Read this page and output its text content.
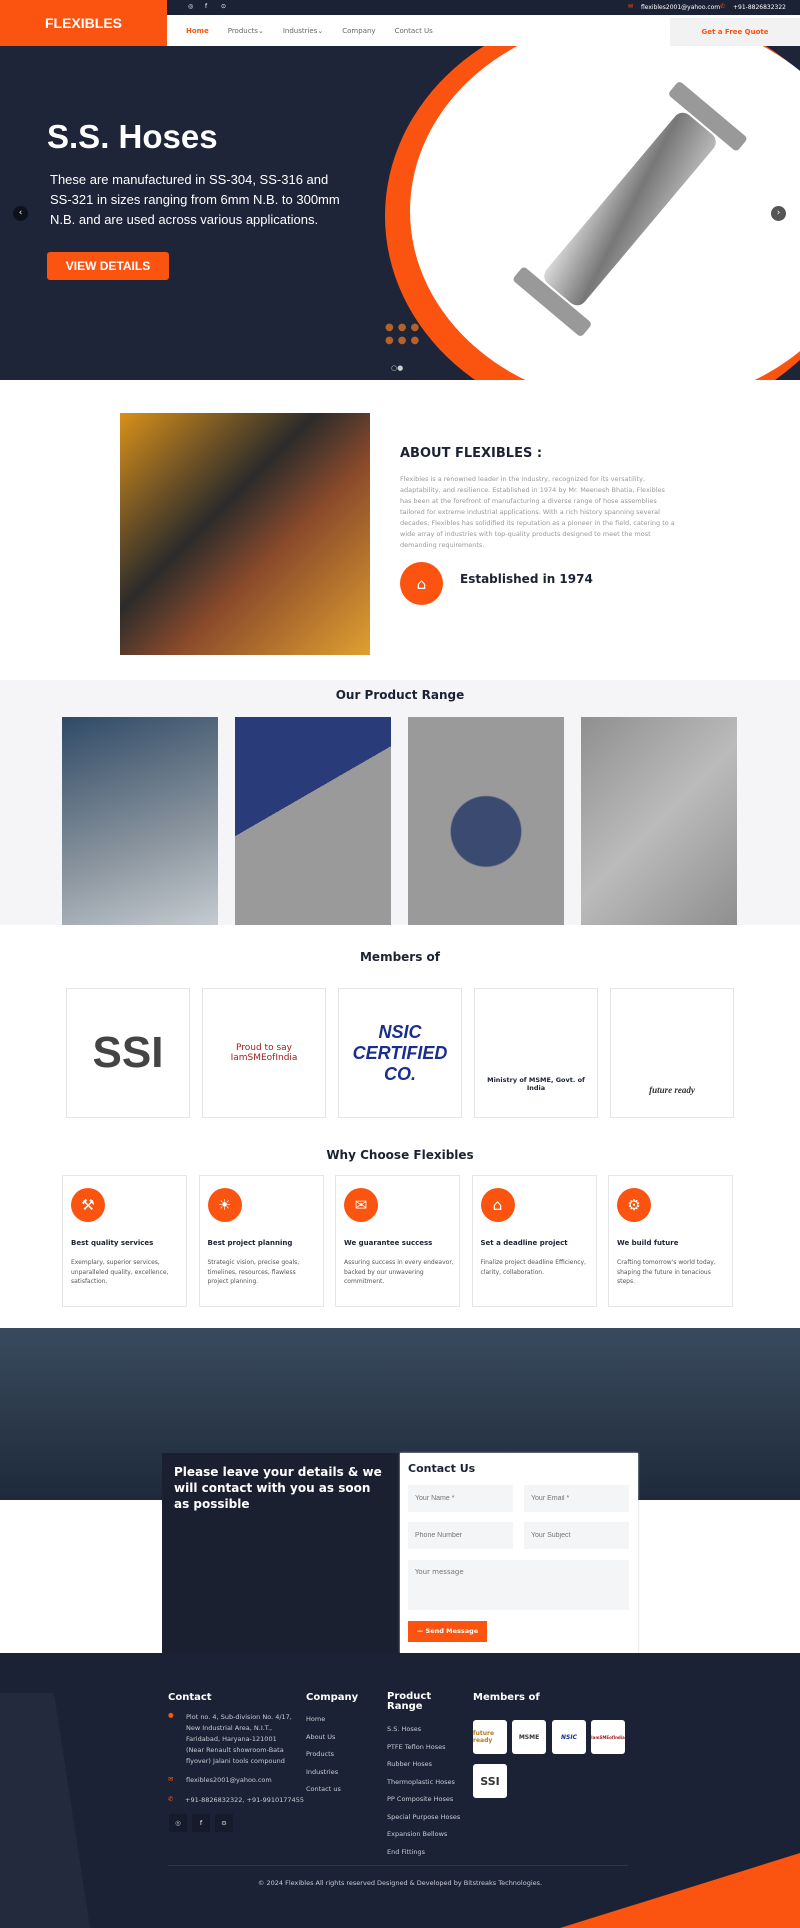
◎ f ⊙	✉ flexibles2001@yahoo.com ✆ +91-8826832322
FLEXIBLES	Home	Products⌄	Industries⌄	Company	Contact Us	Get a Free Quote
S.S. Hoses
These are manufactured in SS-304, SS-316 and SS-321 in sizes ranging from 6mm N.B. to 300mm N.B. and are used across various applications.
VIEW DETAILS
‹	›
●●●
●●●
○●
ABOUT FLEXIBLES :
Flexibles is a renowned leader in the industry, recognized for its versatility, adaptability, and resilience. Established in 1974 by Mr. Meenesh Bhatia, Flexibles has been at the forefront of manufacturing a diverse range of hose assemblies tailored for extreme industrial applications. With a rich history spanning several decades, Flexibles has solidified its reputation as a pioneer in the field, catering to a wide array of industries with top-quality products designed to meet the most demanding requirements.
⌂	Established in 1974
Our Product Range
Members of
SSI	Proud to say IamSMEofIndia
NSIC CERTIFIED CO.	Ministry of MSME, Govt. of India	future ready
Why Choose Flexibles
⚒
Best quality services
Exemplary, superior services, unparalleled quality, excellence, satisfaction.
☀
Best project planning
Strategic vision, precise goals, timelines, resources, flawless project planning.
✉
We guarantee success
Assuring success in every endeavor, backed by our unwavering commitment.
⌂
Set a deadline project
Finalize project deadline Efficiency, clarity, collaboration.
⚙
We build future
Crafting tomorrow's world today, shaping the future in tenacious steps.
Please leave your details & we will contact with you as soon as possible
Contact Us
Your Name *
Your Email *
Phone Number
Your Subject
Your message
— Send Message
Contact
● Plot no. 4, Sub-division No. 4/17, New Industrial Area, N.I.T., Faridabad, Haryana-121001 (Near Renault showroom-Bata flyover) Jalani tools compound
✉ flexibles2001@yahoo.com
✆ +91-8826832322, +91-9910177455
◎	f	⊙
Company
Home
About Us
Products
Industries
Contact us
Product Range
S.S. Hoses
PTFE Teflon Hoses
Rubber Hoses
Thermoplastic Hoses
PP Composite Hoses
Special Purpose Hoses
Expansion Bellows
End Fittings
Members of
future ready	MSME	NSIC	IamSMEofIndia
SSI
© 2024 Flexibles All rights reserved Designed & Developed by Bitstreaks Technologies.
